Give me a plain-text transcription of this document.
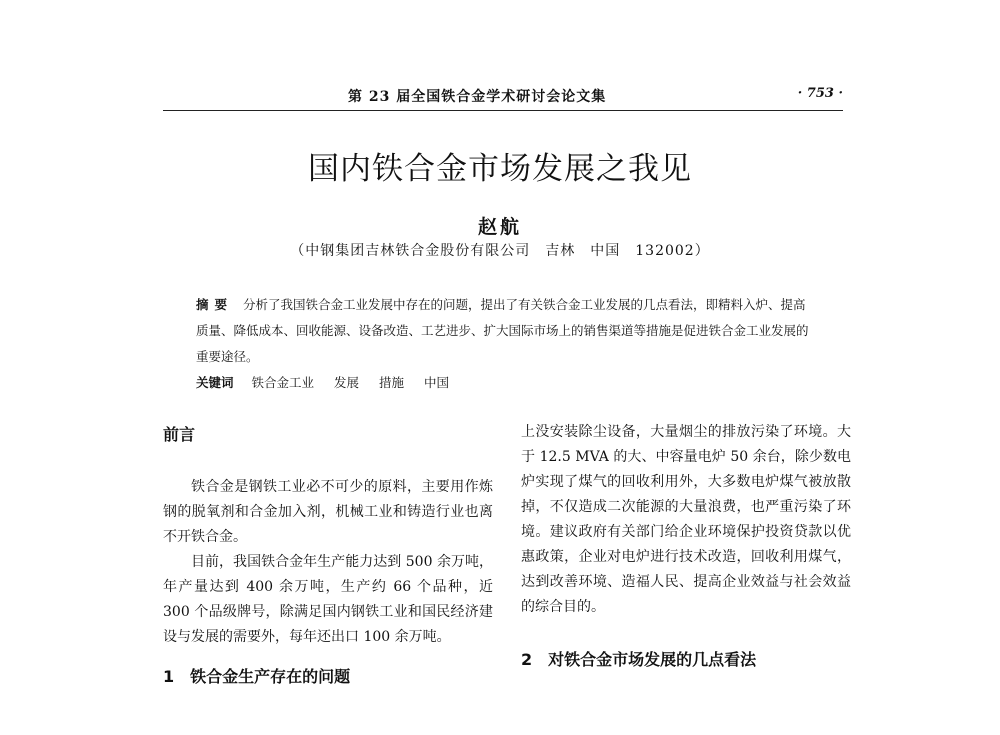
第 23 届全国铁合金学术研讨会论文集	· 753 ·
国内铁合金市场发展之我见
赵航
（中钢集团吉林铁合金股份有限公司　吉林　中国　132002）
摘要 分析了我国铁合金工业发展中存在的问题，提出了有关铁合金工业发展的几点看法，即精料入炉、提高质量、降低成本、回收能源、设备改造、工艺进步、扩大国际市场上的销售渠道等措施是促进铁合金工业发展的重要途径。
关键词 铁合金工业 发展 措施 中国
前言

铁合金是钢铁工业必不可少的原料，主要用作炼钢的脱氧剂和合金加入剂，机械工业和铸造行业也离不开铁合金。

目前，我国铁合金年生产能力达到 500 余万吨，年产量达到 400 余万吨，生产约 66 个品种，近 300 个品级牌号，除满足国内钢铁工业和国民经济建设与发展的需要外，每年还出口 100 余万吨。

1　铁合金生产存在的问题

上没安装除尘设备，大量烟尘的排放污染了环境。大于 12.5 MVA 的大、中容量电炉 50 余台，除少数电炉实现了煤气的回收利用外，大多数电炉煤气被放散掉，不仅造成二次能源的大量浪费，也严重污染了环境。建议政府有关部门给企业环境保护投资贷款以优惠政策，企业对电炉进行技术改造，回收利用煤气，达到改善环境、造福人民、提高企业效益与社会效益的综合目的。

2　对铁合金市场发展的几点看法
